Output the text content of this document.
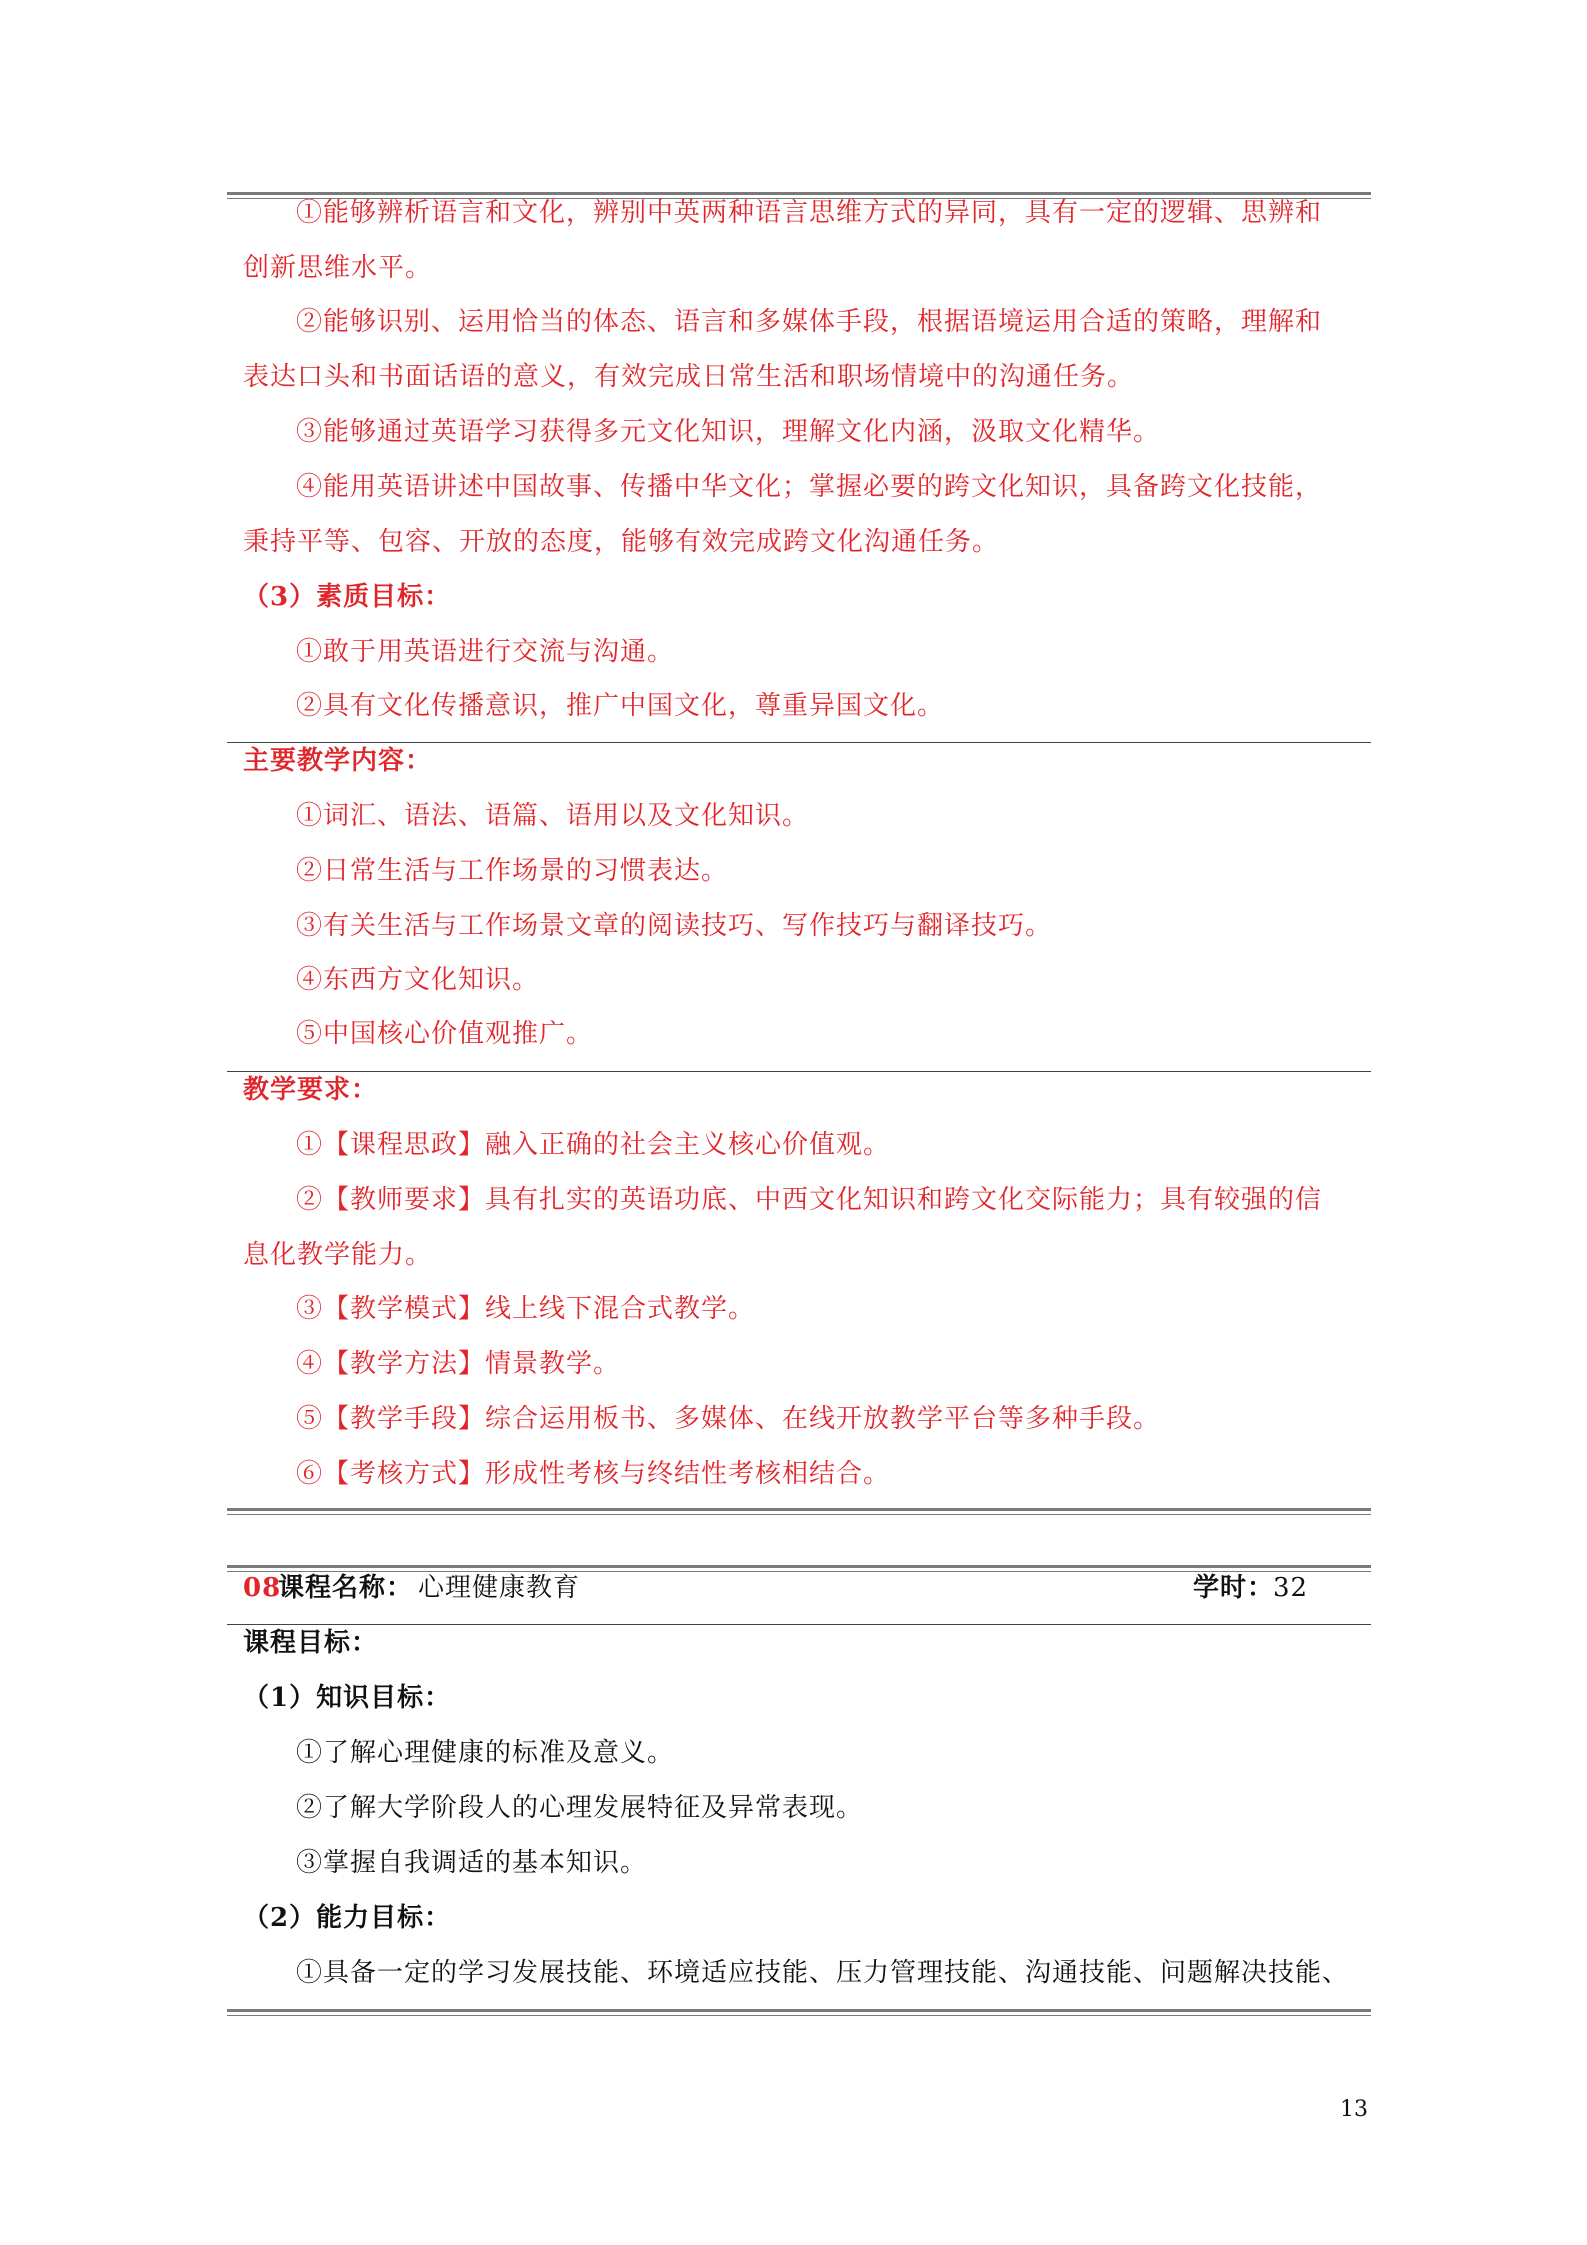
①能够辨析语言和文化，辨别中英两种语言思维方式的异同，具有一定的逻辑、思辨和
创新思维水平。
②能够识别、运用恰当的体态、语言和多媒体手段，根据语境运用合适的策略，理解和
表达口头和书面话语的意义，有效完成日常生活和职场情境中的沟通任务。
③能够通过英语学习获得多元文化知识，理解文化内涵，汲取文化精华。
④能用英语讲述中国故事、传播中华文化；掌握必要的跨文化知识，具备跨文化技能，
秉持平等、包容、开放的态度，能够有效完成跨文化沟通任务。
（3）素质目标：
①敢于用英语进行交流与沟通。
②具有文化传播意识，推广中国文化，尊重异国文化。
主要教学内容：
①词汇、语法、语篇、语用以及文化知识。
②日常生活与工作场景的习惯表达。
③有关生活与工作场景文章的阅读技巧、写作技巧与翻译技巧。
④东西方文化知识。
⑤中国核心价值观推广。
教学要求：
①【课程思政】融入正确的社会主义核心价值观。
②【教师要求】具有扎实的英语功底、中西文化知识和跨文化交际能力；具有较强的信
息化教学能力。
③【教学模式】线上线下混合式教学。
④【教学方法】情景教学。
⑤【教学手段】综合运用板书、多媒体、在线开放教学平台等多种手段。
⑥【考核方式】形成性考核与终结性考核相结合。
08
课程名称： 心理健康教育	学时：
32
课程目标：
（1）知识目标：
①了解心理健康的标准及意义。
②了解大学阶段人的心理发展特征及异常表现。
③掌握自我调适的基本知识。
（2）能力目标：
①具备一定的学习发展技能、环境适应技能、压力管理技能、沟通技能、问题解决技能、
13
